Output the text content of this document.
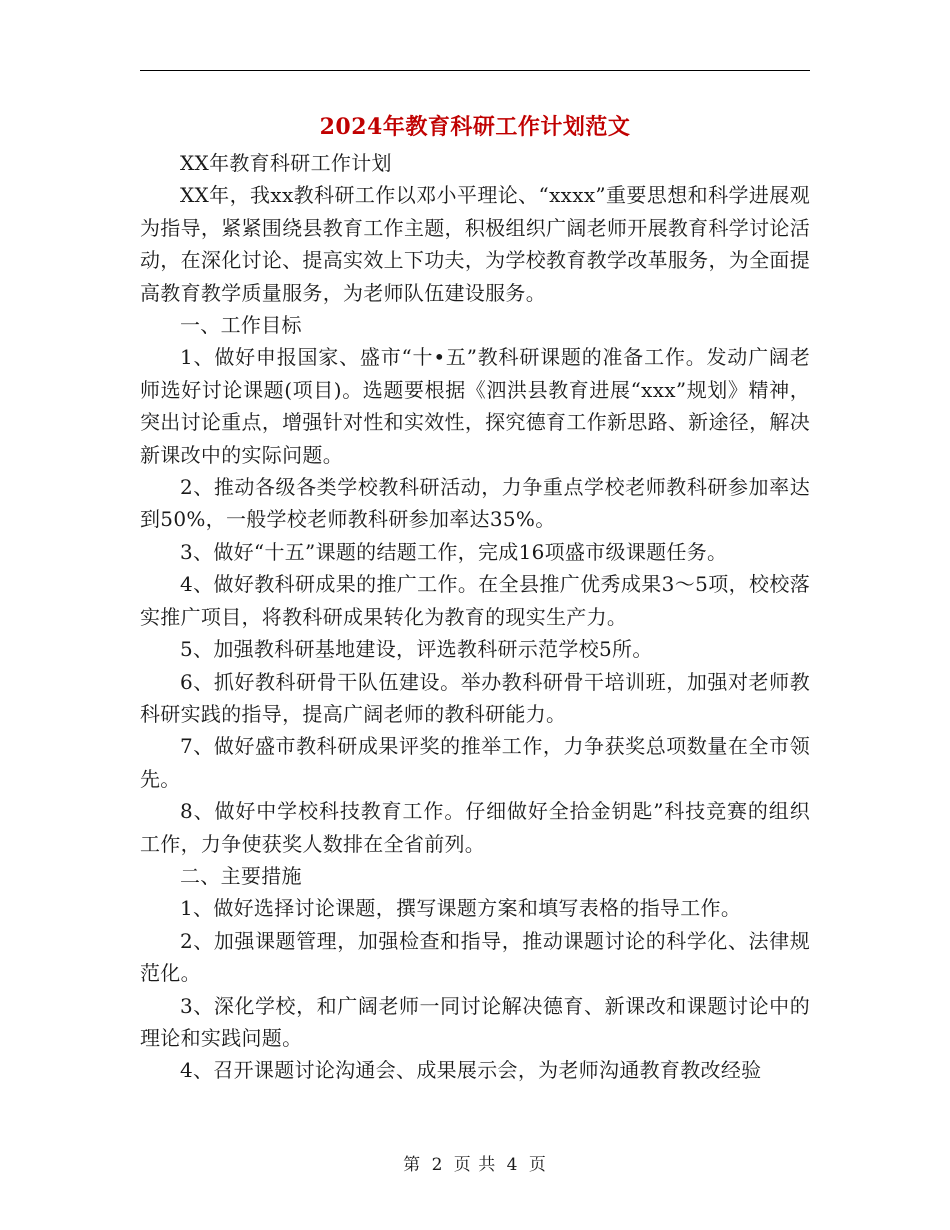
2024年教育科研工作计划范文

XX年教育科研工作计划

XX年，我xx教科研工作以邓小平理论、“xxxx”重要思想和科学进展观为指导，紧紧围绕县教育工作主题，积极组织广阔老师开展教育科学讨论活动，在深化讨论、提高实效上下功夫，为学校教育教学改革服务，为全面提高教育教学质量服务，为老师队伍建设服务。

一、工作目标

1、做好申报国家、盛市“十•五”教科研课题的准备工作。发动广阔老师选好讨论课题(项目)。选题要根据《泗洪县教育进展“xxx”规划》精神，突出讨论重点，增强针对性和实效性，探究德育工作新思路、新途径，解决新课改中的实际问题。

2、推动各级各类学校教科研活动，力争重点学校老师教科研参加率达到50%，一般学校老师教科研参加率达35%。

3、做好“十五”课题的结题工作，完成16项盛市级课题任务。

4、做好教科研成果的推广工作。在全县推广优秀成果3～5项，校校落实推广项目，将教科研成果转化为教育的现实生产力。

5、加强教科研基地建设，评选教科研示范学校5所。

6、抓好教科研骨干队伍建设。举办教科研骨干培训班，加强对老师教科研实践的指导，提高广阔老师的教科研能力。

7、做好盛市教科研成果评奖的推举工作，力争获奖总项数量在全市领先。

8、做好中学校科技教育工作。仔细做好全拾金钥匙”科技竞赛的组织工作，力争使获奖人数排在全省前列。

二、主要措施

1、做好选择讨论课题，撰写课题方案和填写表格的指导工作。

2、加强课题管理，加强检查和指导，推动课题讨论的科学化、法律规范化。

3、深化学校，和广阔老师一同讨论解决德育、新课改和课题讨论中的理论和实践问题。

4、召开课题讨论沟通会、成果展示会，为老师沟通教育教改经验

第 2 页 共 4 页
